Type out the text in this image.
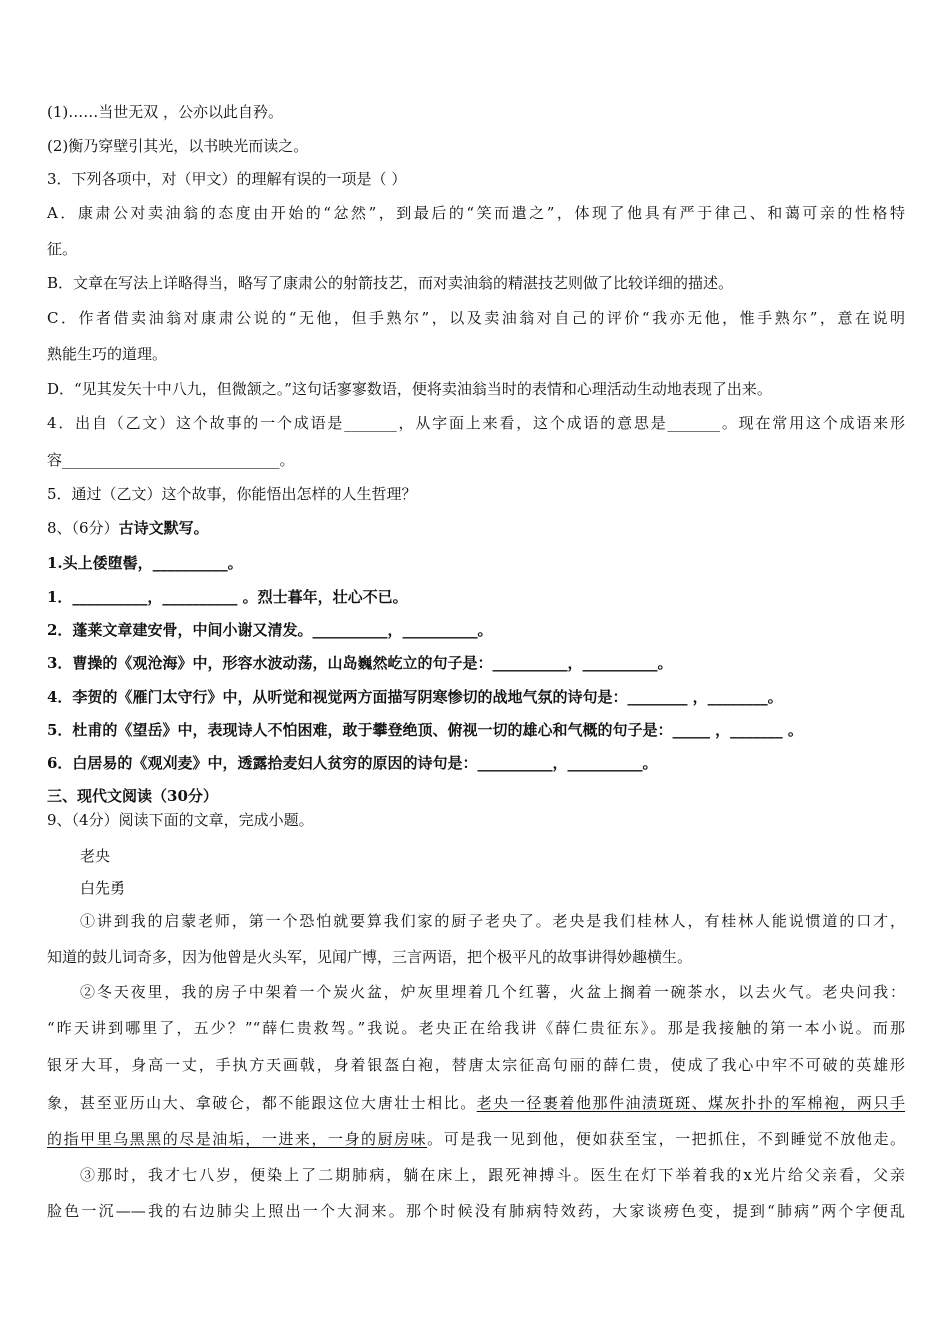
(1)……当世无双 ，公亦以此自矜。
(2)衡乃穿壁引其光，以书映光而读之。
3．下列各项中，对（甲文）的理解有误的一项是（ ）
A．康肃公对卖油翁的态度由开始的“忿然”，到最后的“笑而遣之”，体现了他具有严于律己、和蔼可亲的性格特
征。
B．文章在写法上详略得当，略写了康肃公的射箭技艺，而对卖油翁的精湛技艺则做了比较详细的描述。
C．作者借卖油翁对康肃公说的“无他，但手熟尔”，以及卖油翁对自己的评价“我亦无他，惟手熟尔”，意在说明
熟能生巧的道理。
D．“见其发矢十中八九，但微颔之。”这句话寥寥数语，便将卖油翁当时的表情和心理活动生动地表现了出来。
4．出自（乙文）这个故事的一个成语是_______，从字面上来看，这个成语的意思是_______。现在常用这个成语来形
容_____________________________。
5．通过（乙文）这个故事，你能悟出怎样的人生哲理？
8、（6分）古诗文默写。
1.头上倭堕髻，__________。
1．__________，__________ 。烈士暮年，壮心不已。
2．蓬莱文章建安骨，中间小谢又清发。__________，__________。
3．曹操的《观沧海》中，形容水波动荡，山岛巍然屹立的句子是：__________，__________。
4．李贺的《雁门太守行》中，从听觉和视觉两方面描写阴寒惨切的战地气氛的诗句是：________ ，________。
5．杜甫的《望岳》中，表现诗人不怕困难，敢于攀登绝顶、俯视一切的雄心和气概的句子是：_____ ，_______ 。
6．白居易的《观刈麦》中，透露拾麦妇人贫穷的原因的诗句是：__________，__________。
三、现代文阅读（30分）
9、（4分）阅读下面的文章，完成小题。
老央
白先勇
①讲到我的启蒙老师，第一个恐怕就要算我们家的厨子老央了。老央是我们桂林人，有桂林人能说惯道的口才，
知道的鼓儿词奇多，因为他曾是火头军，见闻广博，三言两语，把个极平凡的故事讲得妙趣横生。
②冬天夜里，我的房子中架着一个炭火盆，炉灰里埋着几个红薯，火盆上搁着一碗茶水，以去火气。老央问我：
“昨天讲到哪里了，五少？”“薛仁贵救驾。”我说。老央正在给我讲《薛仁贵征东》。那是我接触的第一本小说。而那
银牙大耳，身高一丈，手执方天画戟，身着银盔白袍，替唐太宗征高句丽的薛仁贵，使成了我心中牢不可破的英雄形
象，甚至亚历山大、拿破仑，都不能跟这位大唐壮士相比。老央一径裹着他那件油渍斑斑、煤灰扑扑的军棉袍，两只手
的指甲里乌黑黑的尽是油垢，一进来，一身的厨房味。可是我一见到他，便如获至宝，一把抓住，不到睡觉不放他走。
③那时，我才七八岁，便染上了二期肺病，躺在床上，跟死神搏斗。医生在灯下举着我的x光片给父亲看，父亲
脸色一沉——我的右边肺尖上照出一个大洞来。那个时候没有肺病特效药，大家谈痨色变，提到“肺病”两个字便乱
